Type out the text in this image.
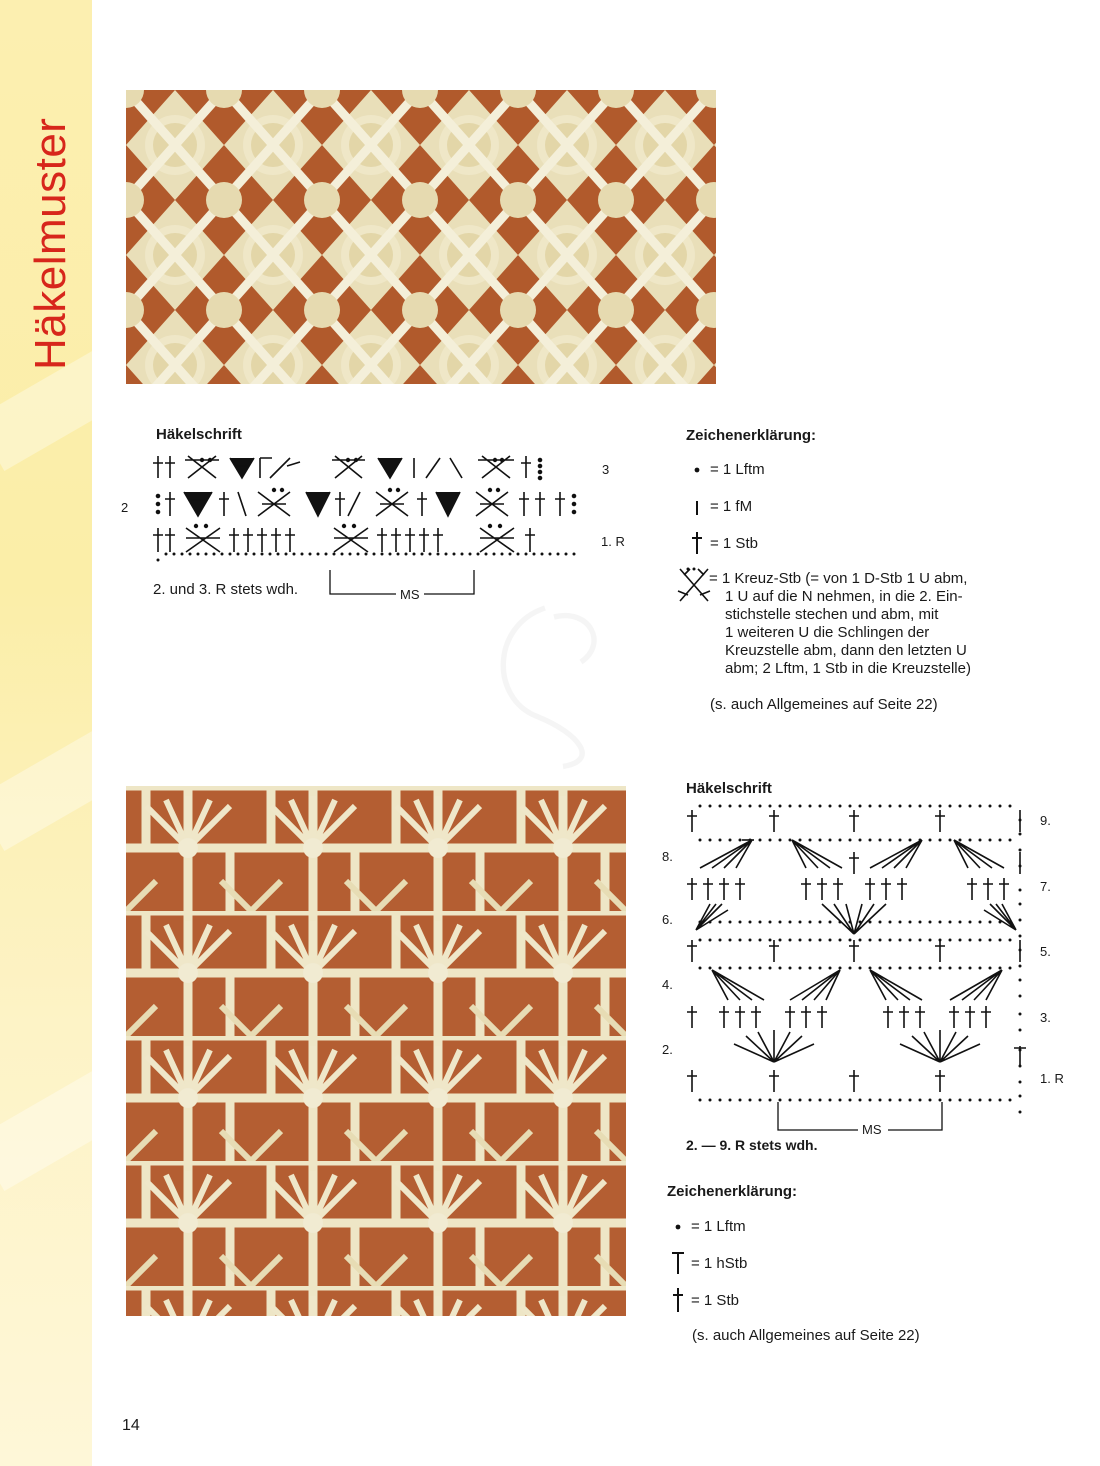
Häkelmuster
Häkelschrift
2
3
1. R
2. und 3. R stets wdh.	MS
Zeichenerklärung:
= 1 Lftm
= 1 fM
= 1 Stb
= 1 Kreuz-Stb (= von 1 D-Stb 1 U abm,
1 U auf die N nehmen, in die 2. Ein-
stichstelle stechen und abm, mit
1 weiteren U die Schlingen der
Kreuzstelle abm, dann den letzten U
abm; 2 Lftm, 1 Stb in die Kreuzstelle)
(s. auch Allgemeines auf Seite 22)
Häkelschrift
9.
8.
7.
6.
5.
4.
3.
2.
1. R
MS
2. — 9. R stets wdh.
Zeichenerklärung:
= 1 Lftm
= 1 hStb
= 1 Stb
(s. auch Allgemeines auf Seite 22)
14
